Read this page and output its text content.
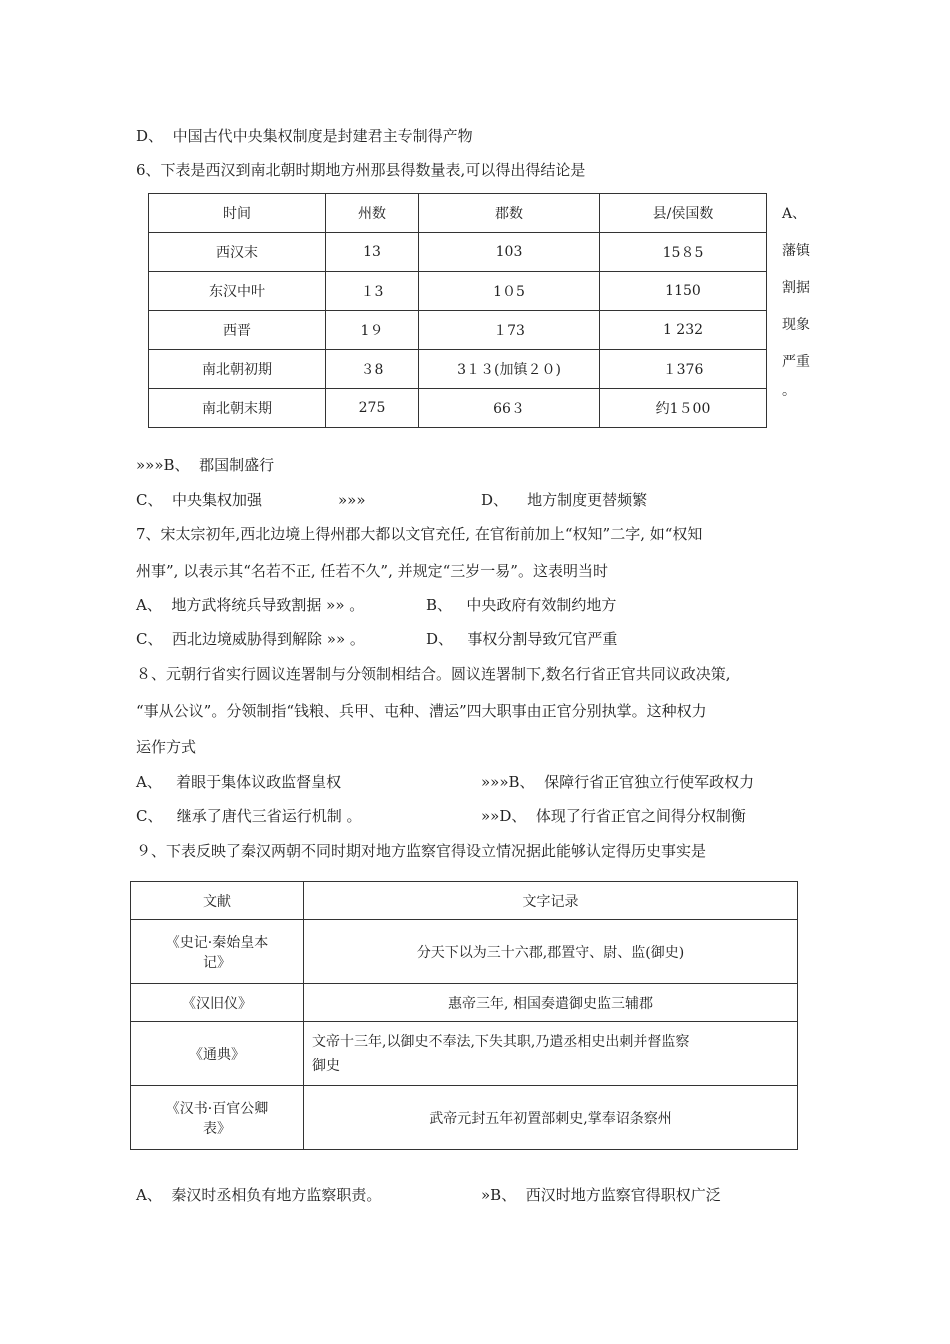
D、  中国古代中央集权制度是封建君主专制得产物
6、下表是西汉到南北朝时期地方州那县得数量表,可以得出得结论是
时间	州数	郡数	县/侯国数
西汉末	13	103	15８5
东汉中叶	１3	1０5	1150
西晋	1９	１73	1 232
南北朝初期	３8	3１３(加镇２０)	１376
南北朝末期	275	66３	约1５00
A、
藩镇
割据
现象
严重
。
»»»B、  郡国制盛行
C、  中央集权加强	»»»	D、    地方制度更替频繁
7、宋太宗初年,西北边境上得州郡大都以文官充任, 在官衔前加上“权知”二字, 如“权知
州事”, 以表示其“名若不正, 任若不久”, 并规定“三岁一易”。这表明当时
A、  地方武将统兵导致割据 »» 。	B、   中央政府有效制约地方
C、  西北边境威胁得到解除 »» 。	D、   事权分割导致冗官严重
８、元朝行省实行圆议连署制与分领制相结合。圆议连署制下,数名行省正官共同议政决策,
“事从公议”。分领制指“钱粮、兵甲、屯种、漕运”四大职事由正官分别执掌。这种权力
运作方式
A、   着眼于集体议政监督皇权	»»»B、  保障行省正官独立行使军政权力
C、   继承了唐代三省运行机制 。	»»D、  体现了行省正官之间得分权制衡
９、下表反映了秦汉两朝不同时期对地方监察官得设立情况据此能够认定得历史事实是
文献	文字记录

《史记·秦始皇本
记》	分天下以为三十六郡,郡置守、尉、监(御史)
《汉旧仪》	惠帝三年, 相国奏遣御史监三辅郡
《通典》	文帝十三年,以御史不奉法,下失其职,乃遣丞相史出刺并督监察
御史

《汉书·百官公卿
表》	武帝元封五年初置部刺史,掌奉诏条察州
A、  秦汉时丞相负有地方监察职责。	»B、  西汉时地方监察官得职权广泛
